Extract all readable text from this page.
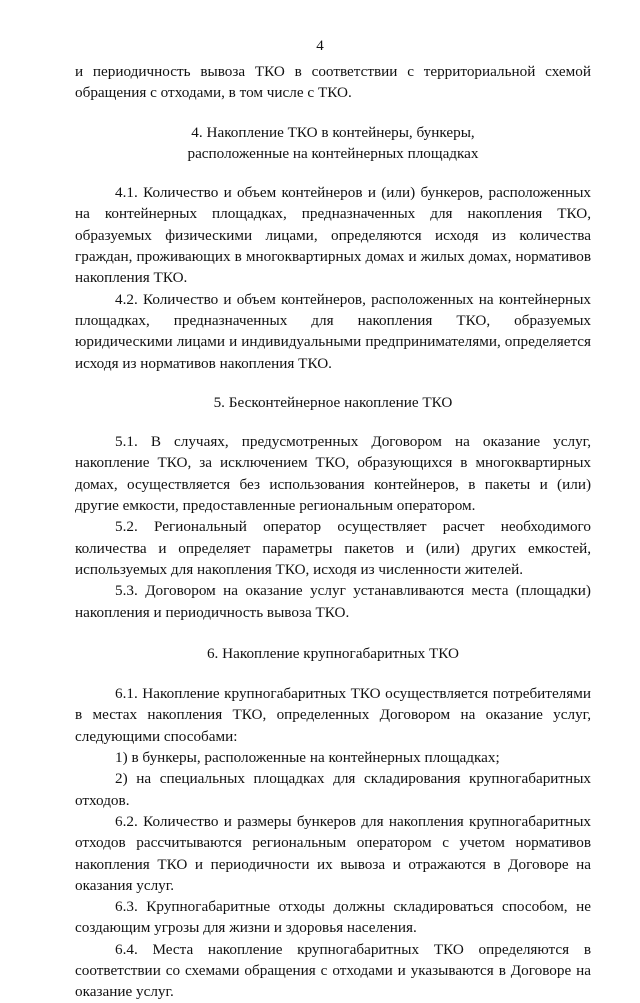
4

и периодичность вывоза ТКО в соответствии с территориальной схемой обращения с отходами, в том числе с ТКО.

4. Накопление ТКО в контейнеры, бункеры,
расположенные на контейнерных площадках

4.1. Количество и объем контейнеров и (или) бункеров, расположенных на контейнерных площадках, предназначенных для накопления ТКО, образуемых физическими лицами, определяются исходя из количества граждан, проживающих в многоквартирных домах и жилых домах, нормативов накопления ТКО.

4.2. Количество и объем контейнеров, расположенных на контейнерных площадках, предназначенных для накопления ТКО, образуемых юридическими лицами и индивидуальными предпринимателями, определяется исходя из нормативов накопления ТКО.

5. Бесконтейнерное накопление ТКО

5.1. В случаях, предусмотренных Договором на оказание услуг, накопление ТКО, за исключением ТКО, образующихся в многоквартирных домах, осуществляется без использования контейнеров, в пакеты и (или) другие емкости, предоставленные региональным оператором.

5.2. Региональный оператор осуществляет расчет необходимого количества и определяет параметры пакетов и (или) других емкостей, используемых для накопления ТКО, исходя из численности жителей.

5.3. Договором на оказание услуг устанавливаются места (площадки) накопления и периодичность вывоза ТКО.

6. Накопление крупногабаритных ТКО

6.1. Накопление крупногабаритных ТКО осуществляется потребителями в местах накопления ТКО, определенных Договором на оказание услуг, следующими способами:

1) в бункеры, расположенные на контейнерных площадках;

2) на специальных площадках для складирования крупногабаритных отходов.

6.2. Количество и размеры бункеров для накопления крупногабаритных отходов рассчитываются региональным оператором с учетом нормативов накопления ТКО и периодичности их вывоза и отражаются в Договоре на оказания услуг.

6.3. Крупногабаритные отходы должны складироваться способом, не создающим угрозы для жизни и здоровья населения.

6.4. Места накопление крупногабаритных ТКО определяются в соответствии со схемами обращения с отходами и указываются в Договоре на оказание услуг.
